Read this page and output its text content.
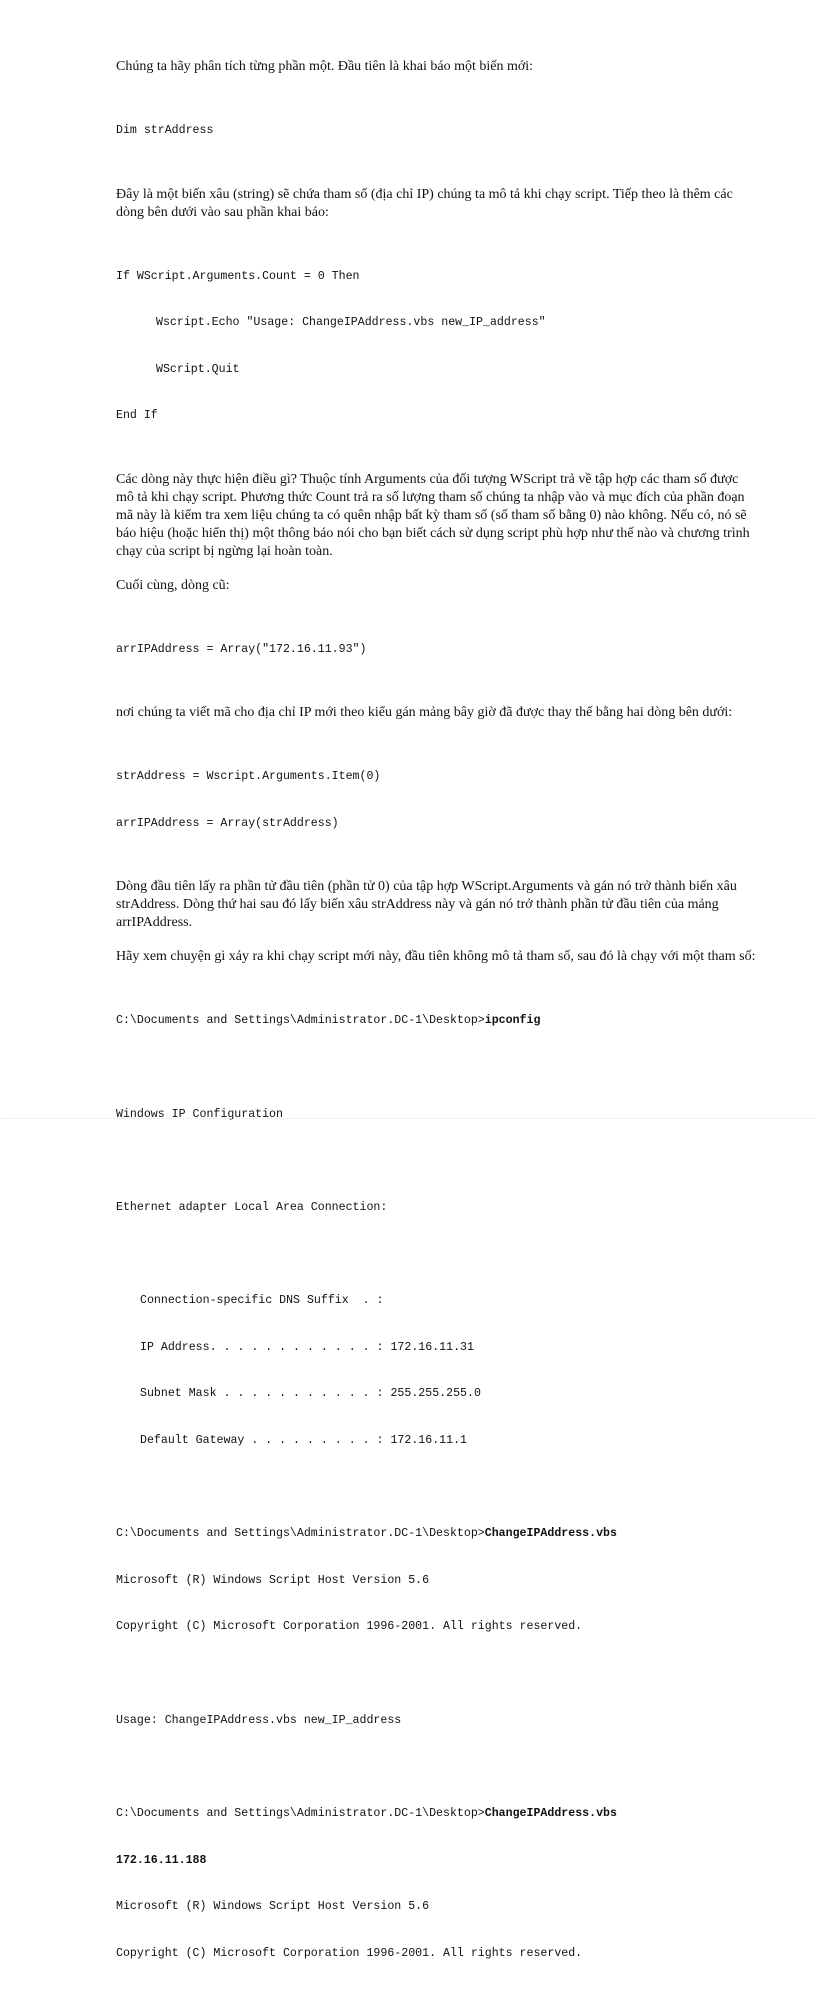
Chúng ta hãy phân tích từng phần một. Đầu tiên là khai báo một biến mới:

Dim strAddress

Đây là một biến xâu (string) sẽ chứa tham số (địa chỉ IP) chúng ta mô tả khi chạy script. Tiếp theo là thêm các dòng bên dưới vào sau phần khai báo:

If WScript.Arguments.Count = 0 Then

Wscript.Echo "Usage: ChangeIPAddress.vbs new_IP_address"

WScript.Quit

End If

Các dòng này thực hiện điều gì? Thuộc tính Arguments của đối tượng WScript trả về tập hợp các tham số được mô tả khi chạy script. Phương thức Count trả ra số lượng tham số chúng ta nhập vào và mục đích của phần đoạn mã này là kiểm tra xem liệu chúng ta có quên nhập bất kỳ tham số (số tham số bằng 0) nào không. Nếu có, nó sẽ báo hiệu (hoặc hiển thị) một thông báo nói cho bạn biết cách sử dụng script phù hợp như thế nào và chương trình chạy của script bị ngừng lại hoàn toàn.

Cuối cùng, dòng cũ:

arrIPAddress = Array("172.16.11.93")

nơi chúng ta viết mã cho địa chỉ IP mới theo kiểu gán mảng bây giờ đã được thay thế bằng hai dòng bên dưới:

strAddress = Wscript.Arguments.Item(0)

arrIPAddress = Array(strAddress)

Dòng đầu tiên lấy ra phần tử đầu tiên (phần tử 0) của tập hợp WScript.Arguments và gán nó trở thành biến xâu strAddress. Dòng thứ hai sau đó lấy biến xâu strAddress này và gán nó trở thành phần tử đầu tiên của mảng arrIPAddress.

Hãy xem chuyện gì xảy ra khi chạy script mới này, đầu tiên không mô tả tham số, sau đó là chạy với một tham số:

C:\Documents and Settings\Administrator.DC-1\Desktop>ipconfig

Windows IP Configuration

Ethernet adapter Local Area Connection:

Connection-specific DNS Suffix  . :

IP Address. . . . . . . . . . . . : 172.16.11.31

Subnet Mask . . . . . . . . . . . : 255.255.255.0

Default Gateway . . . . . . . . . : 172.16.11.1

C:\Documents and Settings\Administrator.DC-1\Desktop>ChangeIPAddress.vbs

Microsoft (R) Windows Script Host Version 5.6

Copyright (C) Microsoft Corporation 1996-2001. All rights reserved.

Usage: ChangeIPAddress.vbs new_IP_address

C:\Documents and Settings\Administrator.DC-1\Desktop>ChangeIPAddress.vbs

172.16.11.188

Microsoft (R) Windows Script Host Version 5.6

Copyright (C) Microsoft Corporation 1996-2001. All rights reserved.
